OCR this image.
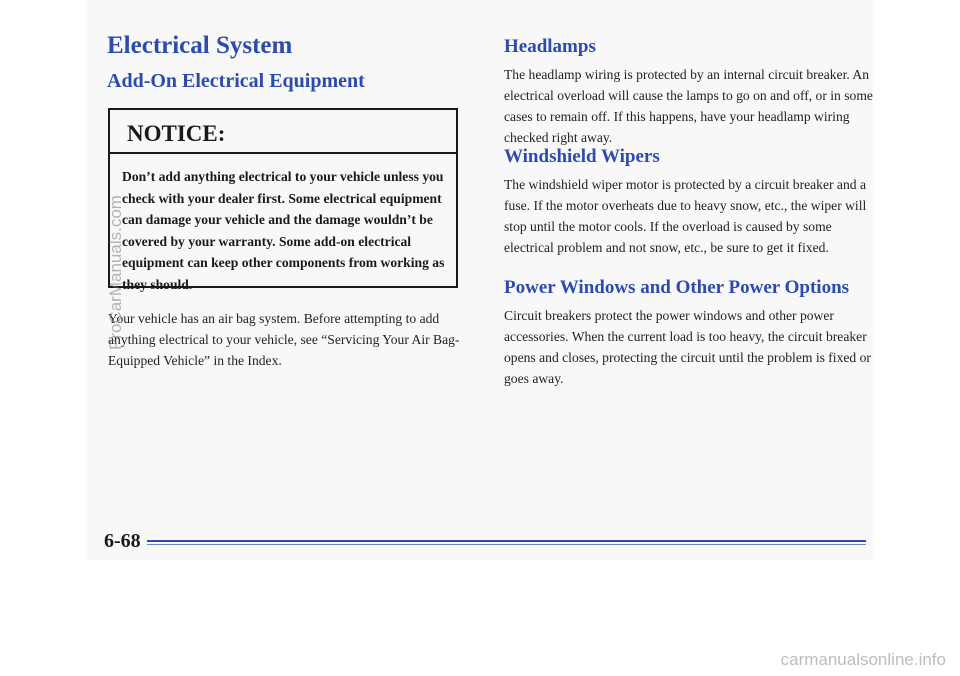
Electrical System
Add-On Electrical Equipment

NOTICE:

Don’t add anything electrical to your vehicle unless you check with your dealer first. Some electrical equipment can damage your vehicle and the damage wouldn’t be covered by your warranty. Some add-on electrical equipment can keep other components from working as they should.

Your vehicle has an air bag system. Before attempting to add anything electrical to your vehicle, see “Servicing Your Air Bag-Equipped Vehicle” in the Index.

Headlamps

The headlamp wiring is protected by an internal circuit breaker. An electrical overload will cause the lamps to go on and off, or in some cases to remain off. If this happens, have your headlamp wiring checked right away.

Windshield Wipers

The windshield wiper motor is protected by a circuit breaker and a fuse. If the motor overheats due to heavy snow, etc., the wiper will stop until the motor cools. If the overload is caused by some electrical problem and not snow, etc., be sure to get it fixed.

Power Windows and Other Power Options

Circuit breakers protect the power windows and other power accessories. When the current load is too heavy, the circuit breaker opens and closes, protecting the circuit until the problem is fixed or goes away.

6-68

ProCarManuals.com
carmanualsonline.info
